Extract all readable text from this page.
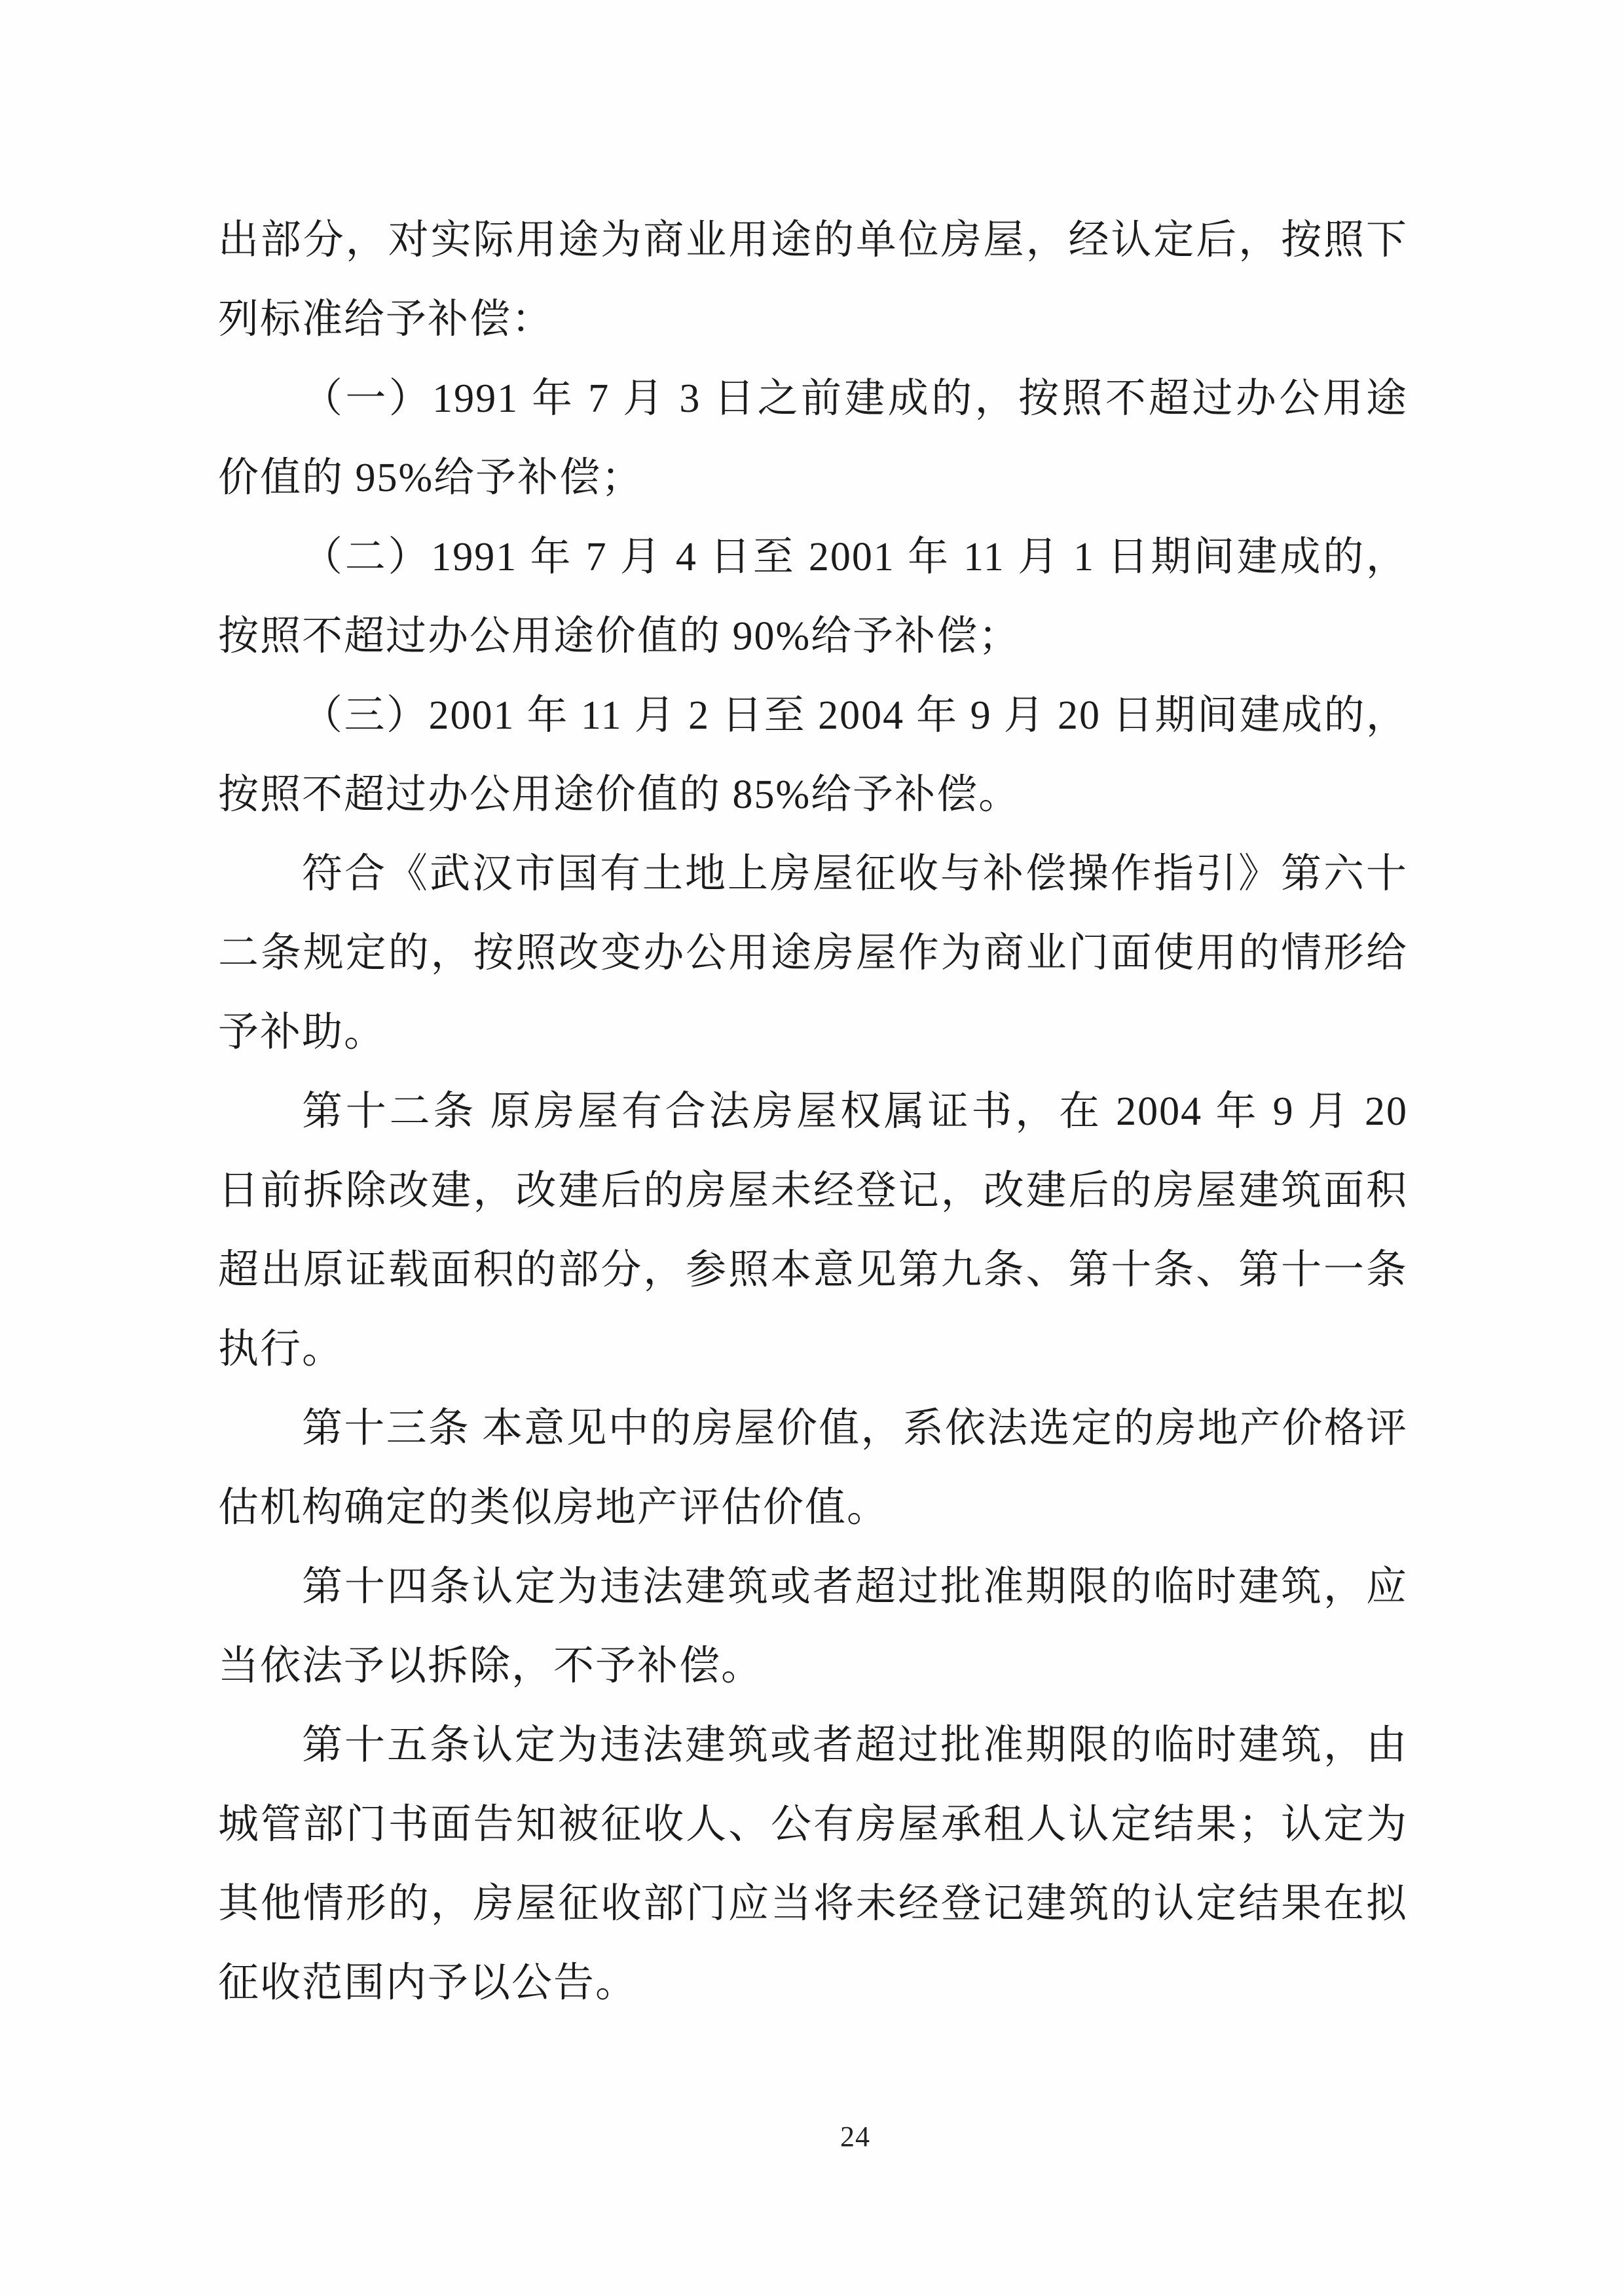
出部分，对实际用途为商业用途的单位房屋，经认定后，按照下列标准给予补偿：
（一）1991 年 7 月 3 日之前建成的，按照不超过办公用途价值的 95%给予补偿；
（二）1991 年 7 月 4 日至 2001 年 11 月 1 日期间建成的，按照不超过办公用途价值的 90%给予补偿；
（三）2001 年 11 月 2 日至 2004 年 9 月 20 日期间建成的，按照不超过办公用途价值的 85%给予补偿。
符合《武汉市国有土地上房屋征收与补偿操作指引》第六十二条规定的，按照改变办公用途房屋作为商业门面使用的情形给予补助。
第十二条 原房屋有合法房屋权属证书，在 2004 年 9 月 20 日前拆除改建，改建后的房屋未经登记，改建后的房屋建筑面积超出原证载面积的部分，参照本意见第九条、第十条、第十一条执行。
第十三条 本意见中的房屋价值，系依法选定的房地产价格评估机构确定的类似房地产评估价值。
第十四条认定为违法建筑或者超过批准期限的临时建筑，应当依法予以拆除，不予补偿。
第十五条认定为违法建筑或者超过批准期限的临时建筑，由城管部门书面告知被征收人、公有房屋承租人认定结果；认定为其他情形的，房屋征收部门应当将未经登记建筑的认定结果在拟征收范围内予以公告。
24
